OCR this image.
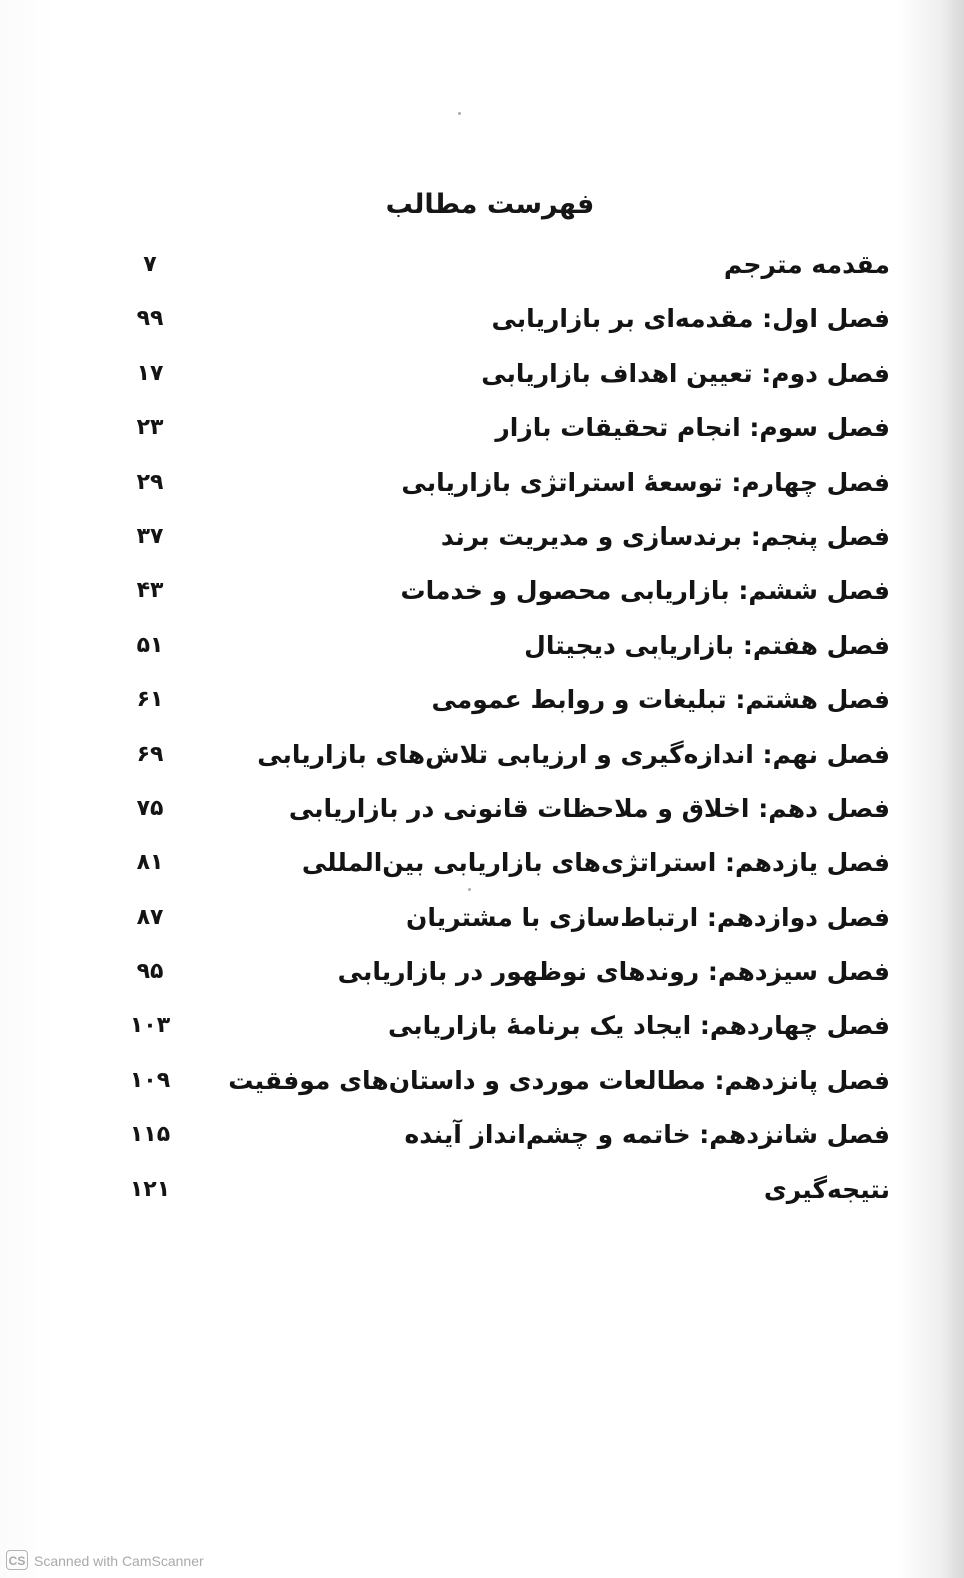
فهرست مطالب
مقدمه مترجم
۷
فصل اول: مقدمه‌ای بر بازاریابی
۹۹
فصل دوم: تعیین اهداف بازاریابی
۱۷
فصل سوم: انجام تحقیقات بازار
۲۳
فصل چهارم: توسعۀ استراتژی بازاریابی
۲۹
فصل پنجم: برندسازی و مدیریت برند
۳۷
فصل ششم: بازاریابی محصول و خدمات
۴۳
فصل هفتم: بازاریابی دیجیتال
۵۱
فصل هشتم: تبلیغات و روابط عمومی
۶۱
فصل نهم: اندازه‌گیری و ارزیابی تلاش‌های بازاریابی
۶۹
فصل دهم: اخلاق و ملاحظات قانونی در بازاریابی
۷۵
فصل یازدهم: استراتژی‌های بازاریابی بین‌المللی
۸۱
فصل دوازدهم: ارتباط‌سازی با مشتریان
۸۷
فصل سیزدهم: روندهای نوظهور در بازاریابی
۹۵
فصل چهاردهم: ایجاد یک برنامۀ بازاریابی
۱۰۳
فصل پانزدهم: مطالعات موردی و داستان‌های موفقیت
۱۰۹
فصل شانزدهم: خاتمه و چشم‌انداز آینده
۱۱۵
نتیجه‌گیری
۱۲۱
CS Scanned with CamScanner
